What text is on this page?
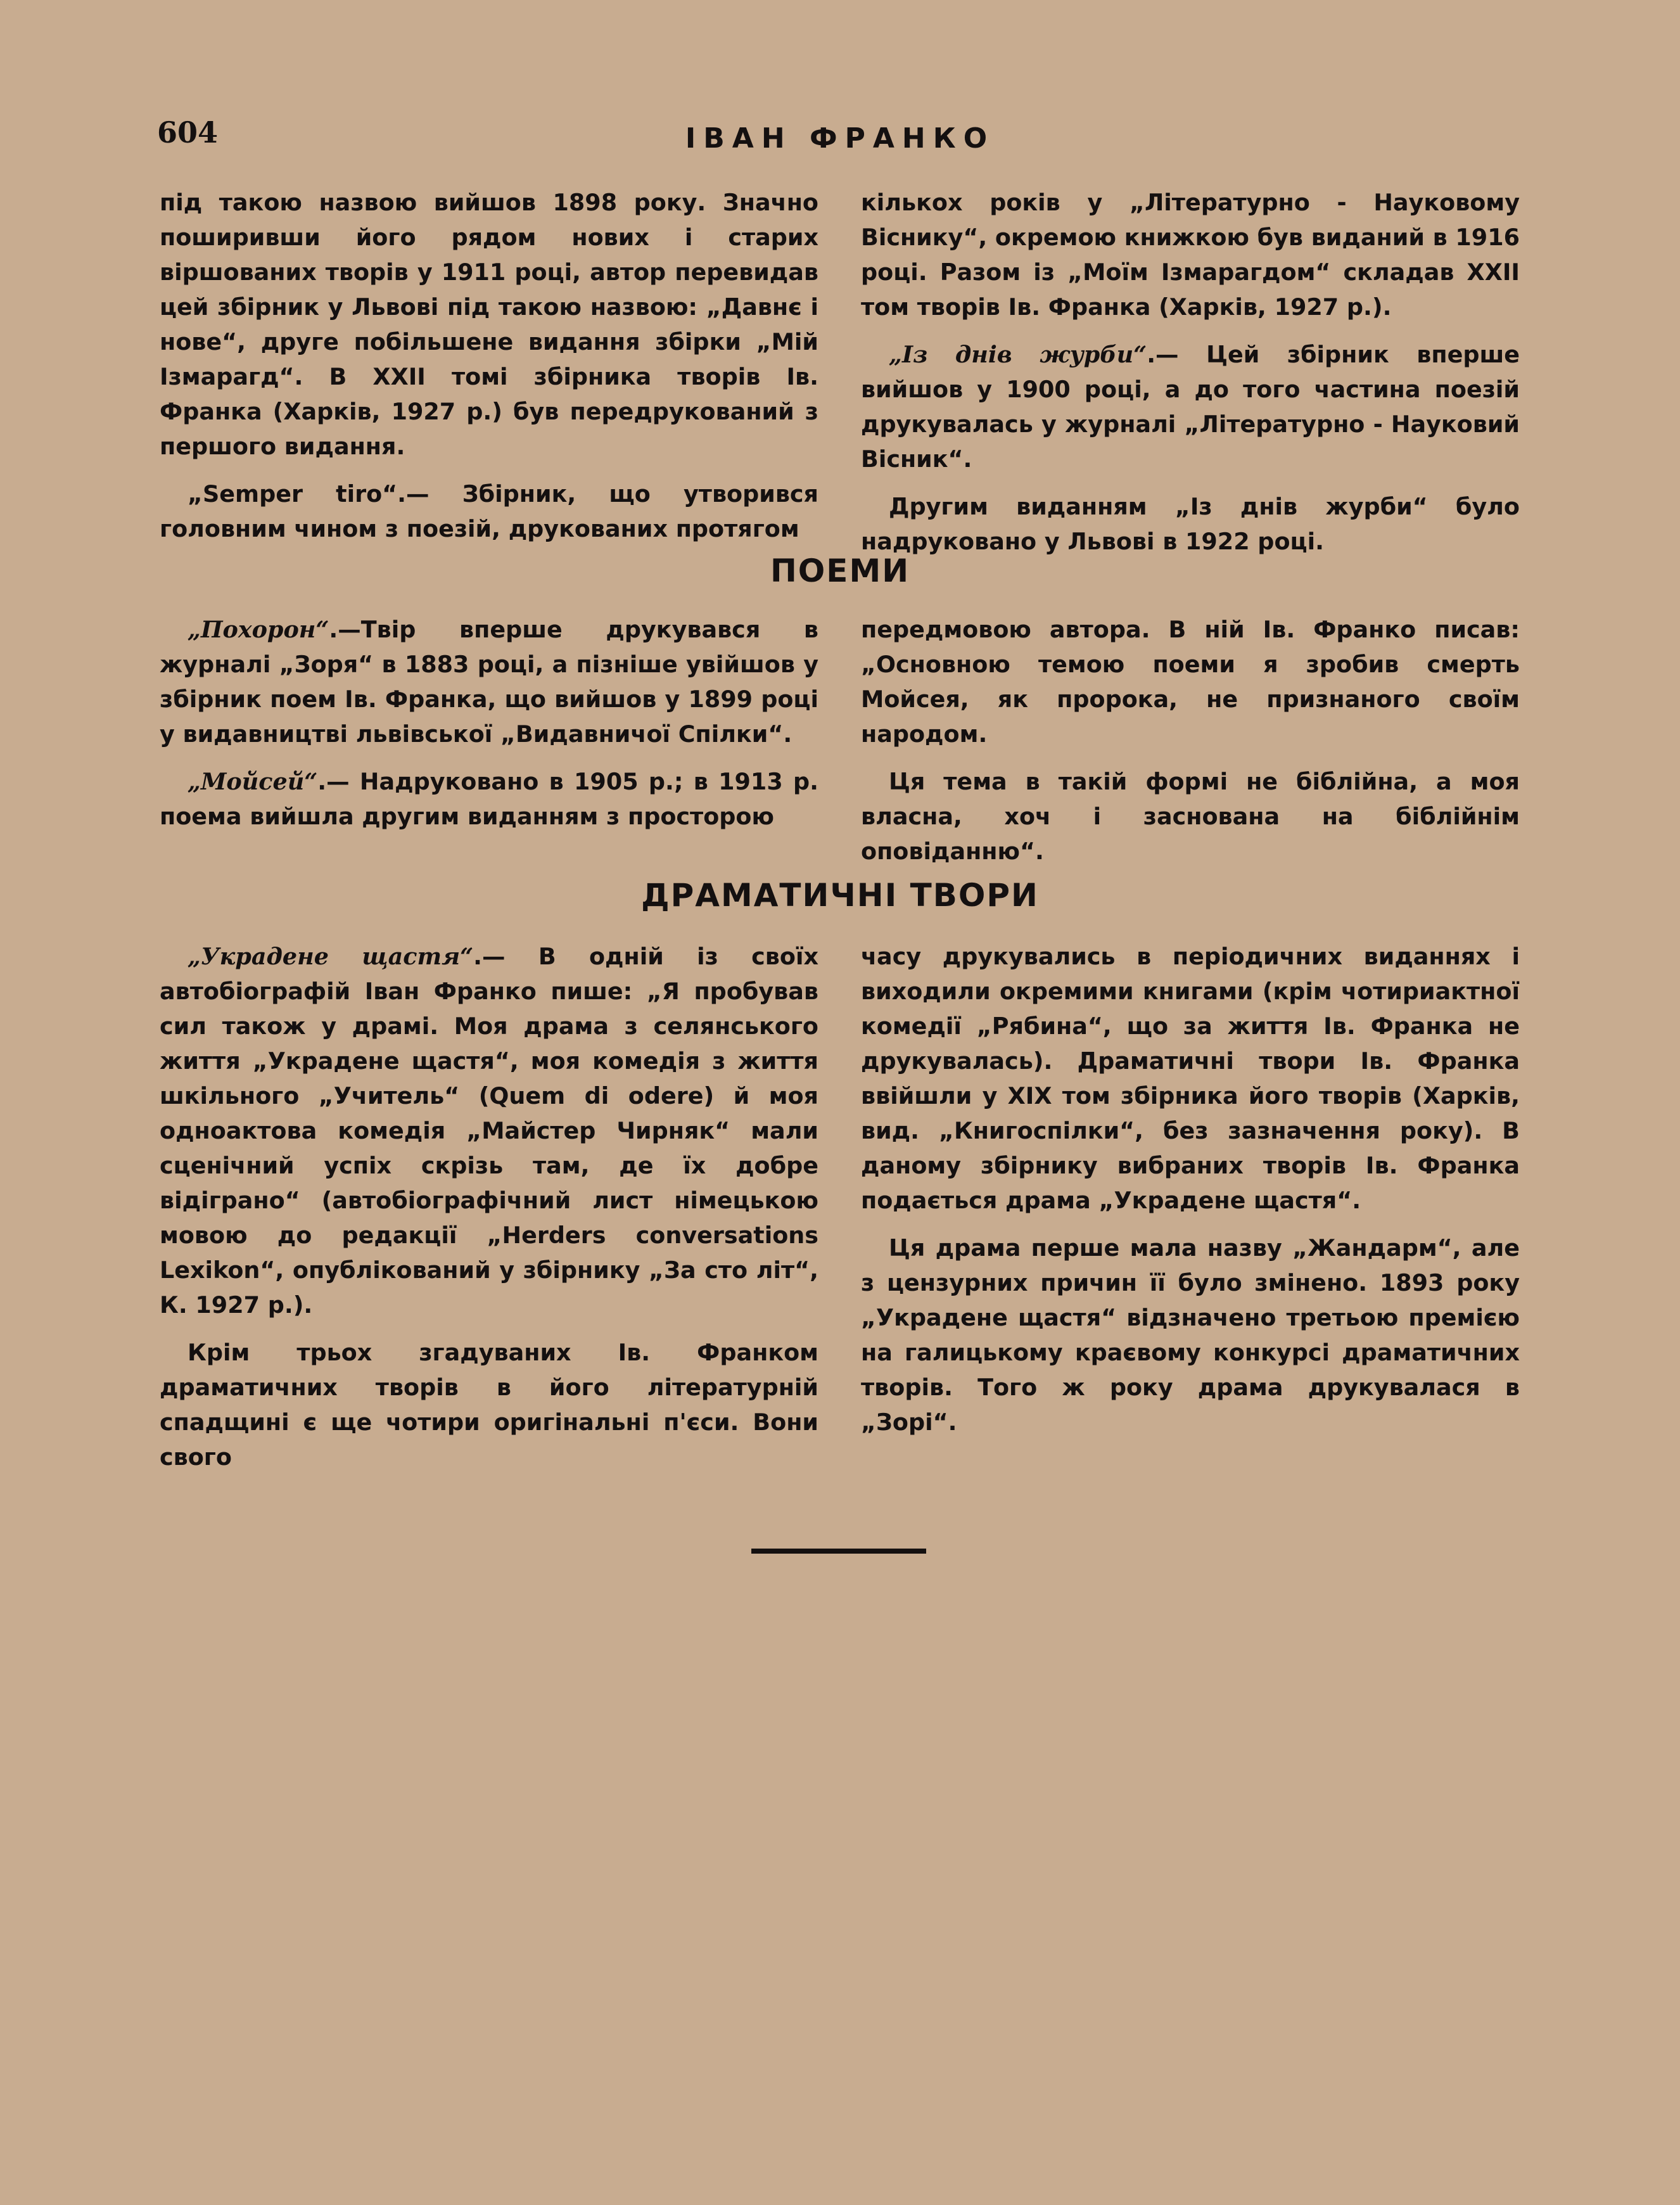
604	ІВАН ФРАНКО

під такою назвою вийшов 1898 року. Значно поширивши його рядом нових і старих віршованих творів у 1911 році, автор перевидав цей збірник у Львові під такою назвою: „Давнє і нове“, друге побільшене видання збірки „Мій Ізмарагд“. В XXII томі збірника творів Ів. Франка (Харків, 1927 р.) був передрукований з першого видання.

„Semper tiro“.— Збірник, що утворився головним чином з поезій, друкованих протягом

кількох років у „Літературно - Науковому Віснику“, окремою книжкою був виданий в 1916 році. Разом із „Моїм Ізмарагдом“ складав XXII том творів Ів. Франка (Харків, 1927 р.).

„Із днів журби“.— Цей збірник вперше вийшов у 1900 році, а до того частина поезій друкувалась у журналі „Літературно - Науковий Вісник“.

Другим виданням „Із днів журби“ було надруковано у Львові в 1922 році.

ПОЕМИ

„Похорон“.—Твір вперше друкувався в журналі „Зоря“ в 1883 році, а пізніше увійшов у збірник поем Ів. Франка, що вийшов у 1899 році у видавництві львівської „Видавничої Спілки“.

„Мойсей“.— Надруковано в 1905 р.; в 1913 р. поема вийшла другим виданням з просторою

передмовою автора. В ній Ів. Франко писав: „Основною темою поеми я зробив смерть Мойсея, як пророка, не признаного своїм народом.

Ця тема в такій формі не біблійна, а моя власна, хоч і заснована на біблійнім оповіданню“.

ДРАМАТИЧНІ ТВОРИ

„Украдене щастя“.— В одній із своїх автобіографій Іван Франко пише: „Я пробував сил також у драмі. Моя драма з селянського життя „Украдене щастя“, моя комедія з життя шкільного „Учитель“ (Quem di odere) й моя одноактова комедія „Майстер Чирняк“ мали сценічний успіх скрізь там, де їх добре відіграно“ (автобіографічний лист німецькою мовою до редакції „Herders conversations Lexikon“, опублікований у збірнику „За сто літ“, К. 1927 р.).

Крім трьох згадуваних Ів. Франком драматичних творів в його літературній спадщині є ще чотири оригінальні п'єси. Вони свого

часу друкувались в періодичних виданнях і виходили окремими книгами (крім чотириактної комедії „Рябина“, що за життя Ів. Франка не друкувалась). Драматичні твори Ів. Франка ввійшли у XIX том збірника його творів (Харків, вид. „Книгоспілки“, без зазначення року). В даному збірнику вибраних творів Ів. Франка подається драма „Украдене щастя“.

Ця драма перше мала назву „Жандарм“, але з цензурних причин її було змінено. 1893 року „Украдене щастя“ відзначено третьою премією на галицькому краєвому конкурсі драматичних творів. Того ж року драма друкувалася в „Зорі“.
